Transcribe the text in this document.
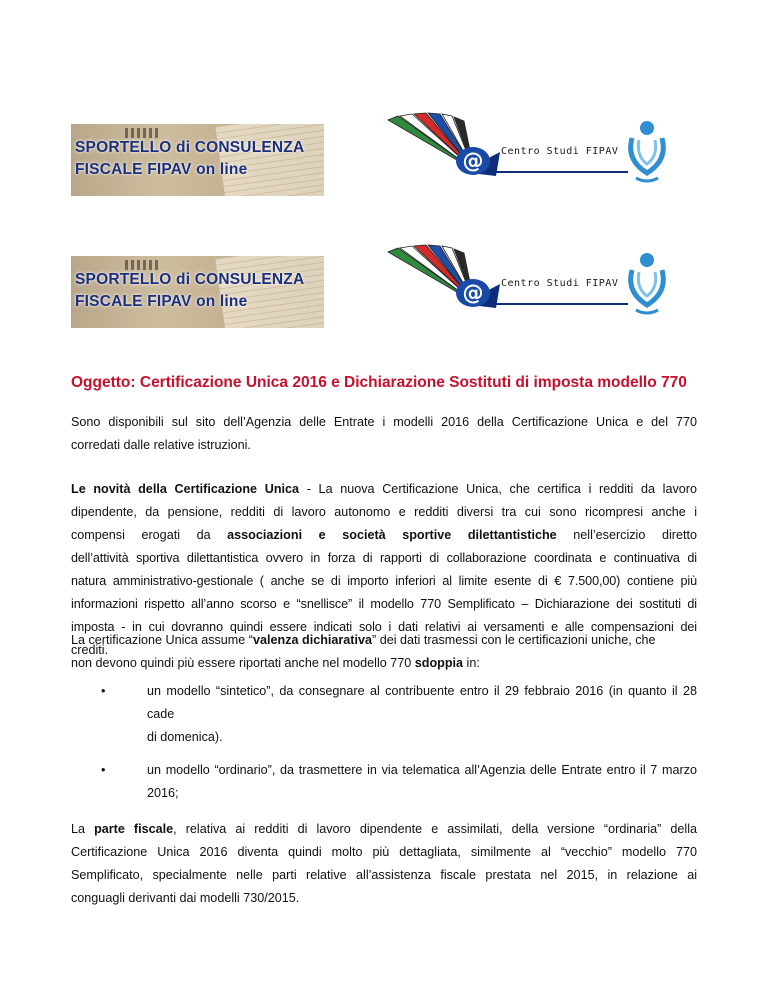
SPORTELLO di CONSULENZA
FISCALE FIPAV on line	@ Centro Studi FIPAV
SPORTELLO di CONSULENZA
FISCALE FIPAV on line	@ Centro Studi FIPAV
Oggetto: Certificazione Unica 2016 e Dichiarazione Sostituti di imposta modello 770
Sono disponibili sul sito dell’Agenzia delle Entrate i modelli 2016 della Certificazione Unica e del 770
corredati dalle relative istruzioni.
Le novità della Certificazione Unica - La nuova Certificazione Unica, che certifica i redditi da lavoro
dipendente, da pensione, redditi di lavoro autonomo e redditi diversi tra cui sono ricompresi anche i
compensi erogati da associazioni e società sportive dilettantistiche nell’esercizio diretto
dell’attività sportiva dilettantistica ovvero in forza di rapporti di collaborazione coordinata e continuativa di
natura amministrativo-gestionale ( anche se di importo inferiori al limite esente di € 7.500,00) contiene più
informazioni rispetto all’anno scorso e “snellisce” il modello 770 Semplificato – Dichiarazione dei sostituti di
imposta - in cui dovranno quindi essere indicati solo i dati relativi ai versamenti e alle compensazioni dei
crediti.
La certificazione Unica assume “valenza dichiarativa” dei dati trasmessi con le certificazioni uniche, che
non devono quindi più essere riportati anche nel modello 770 sdoppia in:
•	un modello “sintetico”, da consegnare al contribuente entro il 29 febbraio 2016 (in quanto il 28 cade
di domenica).
•	un modello “ordinario”, da trasmettere in via telematica all’Agenzia delle Entrate entro il 7 marzo
2016;
La parte fiscale, relativa ai redditi di lavoro dipendente e assimilati, della versione “ordinaria” della
Certificazione Unica 2016 diventa quindi molto più dettagliata, similmente al “vecchio” modello 770
Semplificato, specialmente nelle parti relative all’assistenza fiscale prestata nel 2015, in relazione ai
conguagli derivanti dai modelli 730/2015.
